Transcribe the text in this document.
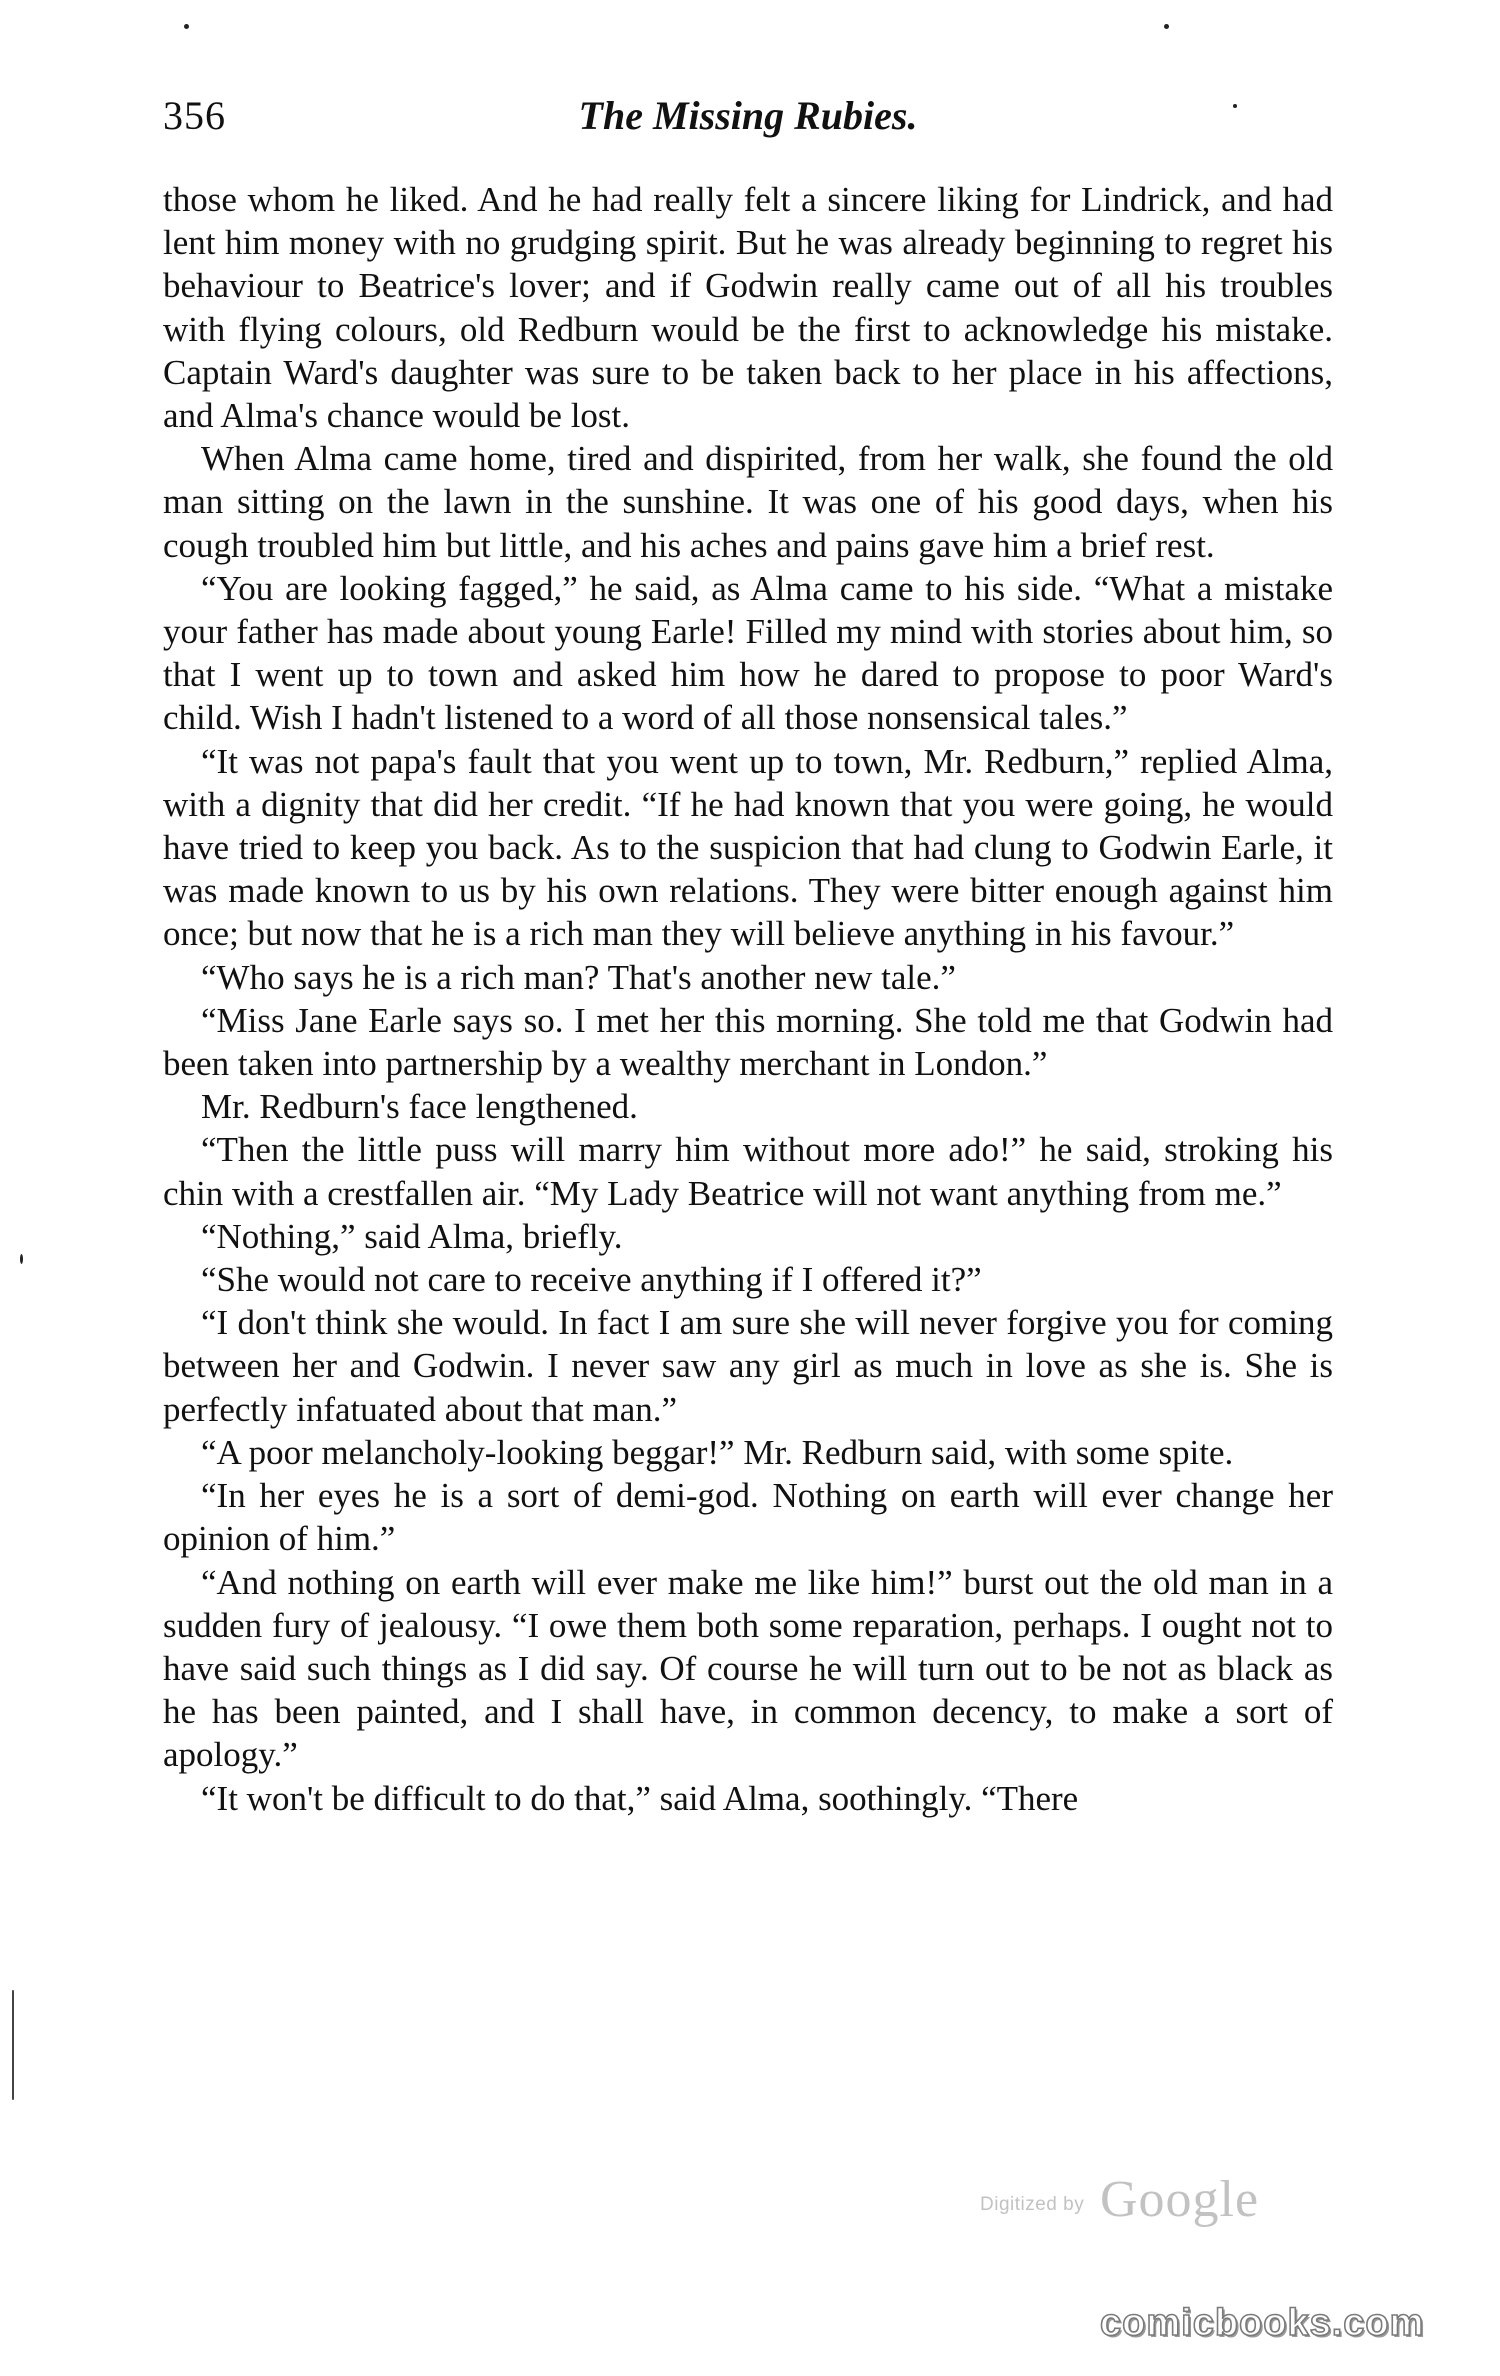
356	The Missing Rubies.

those whom he liked. And he had really felt a sincere liking for Lindrick, and had lent him money with no grudging spirit. But he was already beginning to regret his behaviour to Beatrice's lover; and if Godwin really came out of all his troubles with flying colours, old Redburn would be the first to acknowledge his mistake. Captain Ward's daughter was sure to be taken back to her place in his affections, and Alma's chance would be lost.

When Alma came home, tired and dispirited, from her walk, she found the old man sitting on the lawn in the sunshine. It was one of his good days, when his cough troubled him but little, and his aches and pains gave him a brief rest.

“You are looking fagged,” he said, as Alma came to his side. “What a mistake your father has made about young Earle! Filled my mind with stories about him, so that I went up to town and asked him how he dared to propose to poor Ward's child. Wish I hadn't listened to a word of all those nonsensical tales.”

“It was not papa's fault that you went up to town, Mr. Redburn,” replied Alma, with a dignity that did her credit. “If he had known that you were going, he would have tried to keep you back. As to the suspicion that had clung to Godwin Earle, it was made known to us by his own relations. They were bitter enough against him once; but now that he is a rich man they will believe anything in his favour.”

“Who says he is a rich man? That's another new tale.”

“Miss Jane Earle says so. I met her this morning. She told me that Godwin had been taken into partnership by a wealthy merchant in London.”

Mr. Redburn's face lengthened.

“Then the little puss will marry him without more ado!” he said, stroking his chin with a crestfallen air. “My Lady Beatrice will not want anything from me.”

“Nothing,” said Alma, briefly.

“She would not care to receive anything if I offered it?”

“I don't think she would. In fact I am sure she will never forgive you for coming between her and Godwin. I never saw any girl as much in love as she is. She is perfectly infatuated about that man.”

“A poor melancholy-looking beggar!” Mr. Redburn said, with some spite.

“In her eyes he is a sort of demi-god. Nothing on earth will ever change her opinion of him.”

“And nothing on earth will ever make me like him!” burst out the old man in a sudden fury of jealousy. “I owe them both some reparation, perhaps. I ought not to have said such things as I did say. Of course he will turn out to be not as black as he has been painted, and I shall have, in common decency, to make a sort of apology.”

“It won't be difficult to do that,” said Alma, soothingly. “There

Digitized by Google
comicbooks.com
